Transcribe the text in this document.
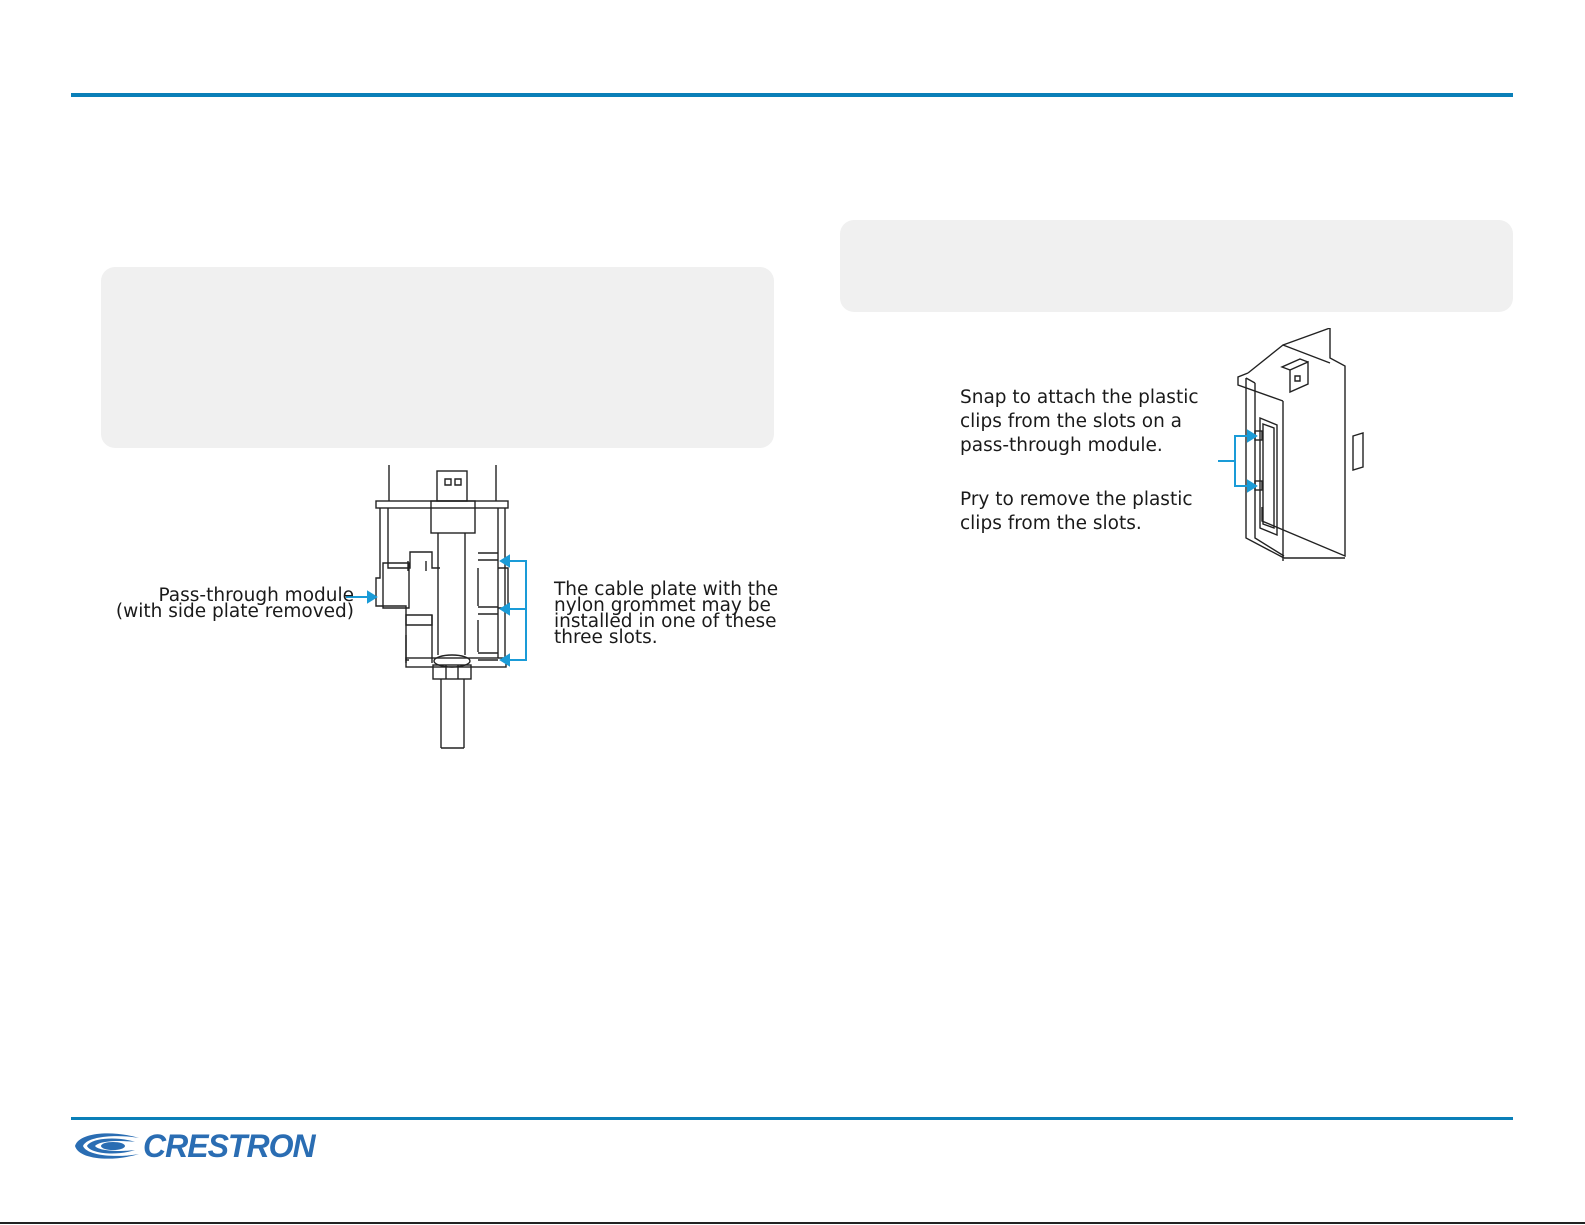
Pass-through module
(with side plate removed)
The cable plate with the
nylon grommet may be
installed in one of these
three slots.
Snap to attach the plastic
clips from the slots on a
pass-through module.
Pry to remove the plastic
clips from the slots.
CRESTRON
